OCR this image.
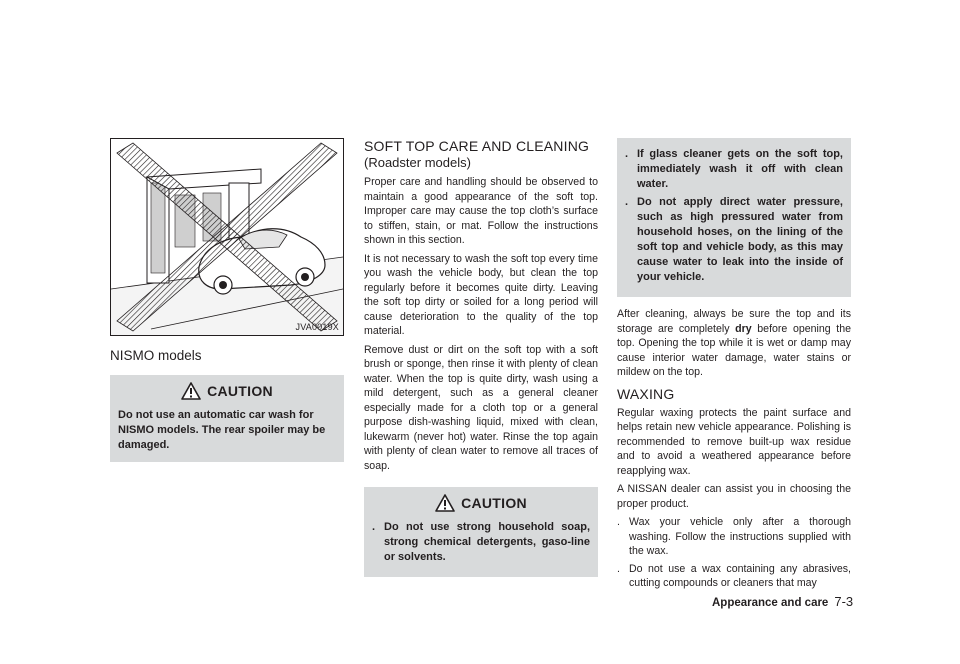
JVA0019X
NISMO models
CAUTION
Do not use an automatic car wash for NISMO models. The rear spoiler may be damaged.
SOFT TOP CARE AND CLEANING
(Roadster models)

Proper care and handling should be observed to maintain a good appearance of the soft top. Improper care may cause the top cloth’s surface to stiffen, stain, or mat. Follow the instructions shown in this section.

It is not necessary to wash the soft top every time you wash the vehicle body, but clean the top regularly before it becomes quite dirty. Leaving the soft top dirty or soiled for a long period will cause deterioration to the quality of the top material.

Remove dust or dirt on the soft top with a soft brush or sponge, then rinse it with plenty of clean water. When the top is quite dirty, wash using a mild detergent, such as a general cleaner especially made for a cloth top or a general purpose dish-washing liquid, mixed with clean, lukewarm (never hot) water. Rinse the top again with plenty of clean water to remove all traces of soap.

CAUTION
. Do not use strong household soap, strong chemical detergents, gaso-line or solvents.
. If glass cleaner gets on the soft top, immediately wash it off with clean water.
. Do not apply direct water pressure, such as high pressured water from household hoses, on the lining of the soft top and vehicle body, as this may cause water to leak into the inside of your vehicle.

After cleaning, always be sure the top and its storage are completely dry before opening the top. Opening the top while it is wet or damp may cause interior water damage, water stains or mildew on the top.

WAXING

Regular waxing protects the paint surface and helps retain new vehicle appearance. Polishing is recommended to remove built-up wax residue and to avoid a weathered appearance before reapplying wax.

A NISSAN dealer can assist you in choosing the proper product.

. Wax your vehicle only after a thorough washing. Follow the instructions supplied with the wax.
. Do not use a wax containing any abrasives, cutting compounds or cleaners that may
Appearance and care 7-3
